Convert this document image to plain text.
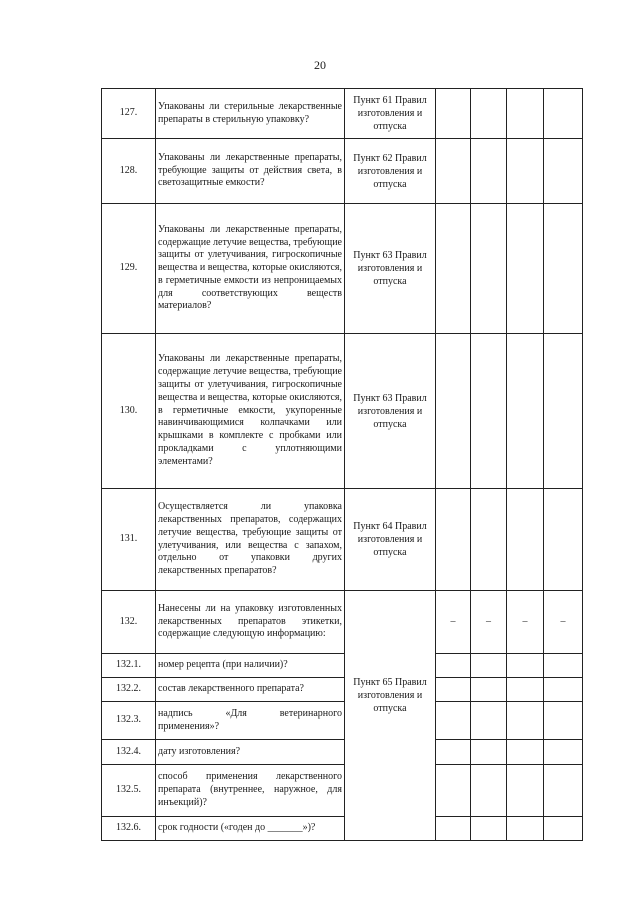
20
127.	Упакованы ли стерильные лекарственные препараты в стерильную упаковку?	Пункт 61 Правил изготовления и отпуска				
128.	Упакованы ли лекарственные препараты, требующие защиты от действия света, в светозащитные емкости?	Пункт 62 Правил изготовления и отпуска				
129.	Упакованы ли лекарственные препараты, содержащие летучие вещества, требующие защиты от улетучивания, гигроскопичные вещества и вещества, которые окисляются, в герметичные емкости из непроницаемых для соответствующих веществ материалов?	Пункт 63 Правил изготовления и отпуска				
130.	Упакованы ли лекарственные препараты, содержащие летучие вещества, требующие защиты от улетучивания, гигроскопичные вещества и вещества, которые окисляются, в герметичные емкости, укупоренные навинчивающимися колпачками или крышками в комплекте с пробками или прокладками с уплотняющими элементами?	Пункт 63 Правил изготовления и отпуска				
131.	Осуществляется ли упаковка лекарственных препаратов, содержащих летучие вещества, требующие защиты от улетучивания, или вещества с запахом, отдельно от упаковки других лекарственных препаратов?	Пункт 64 Правил изготовления и отпуска				
132.	Нанесены ли на упаковку изготовленных лекарственных препаратов этикетки, содержащие следующую информацию:	Пункт 65 Правил изготовления и отпуска	–	–	–	–
132.1.	номер рецепта (при наличии)?					
132.2.	состав лекарственного препарата?					
132.3.	надпись «Для ветеринарного применения»?					
132.4.	дату изготовления?					
132.5.	способ применения лекарственного препарата (внутреннее, наружное, для инъекций)?					
132.6.	срок годности («годен до _______»)?					
